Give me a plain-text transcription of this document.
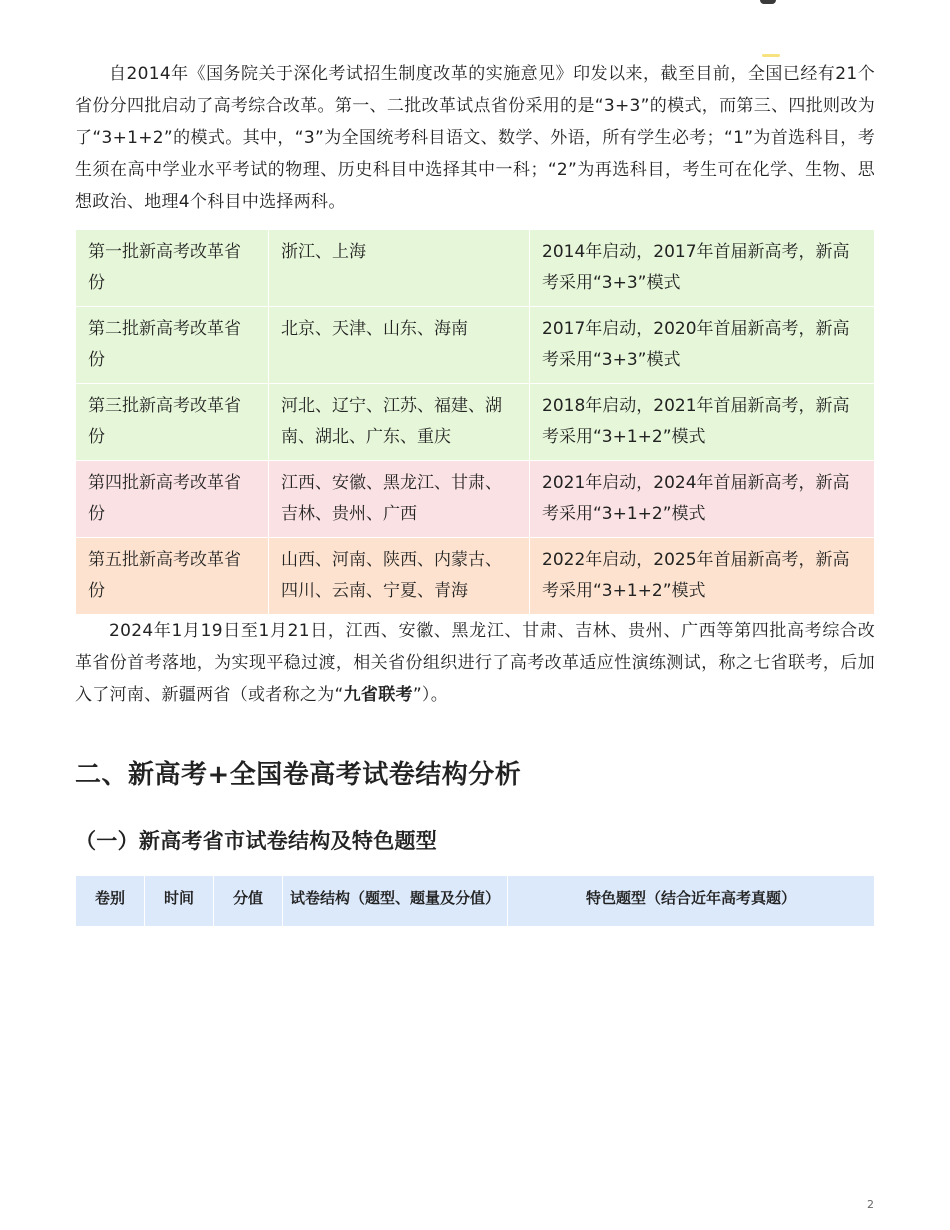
自2014年《国务院关于深化考试招生制度改革的实施意见》印发以来，截至目前，全国已经有21个省份分四批启动了高考综合改革。第一、二批改革试点省份采用的是“3+3”的模式，而第三、四批则改为了“3+1+2”的模式。其中，“3”为全国统考科目语文、数学、外语，所有学生必考；“1”为首选科目，考生须在高中学业水平考试的物理、历史科目中选择其中一科；“2”为再选科目，考生可在化学、生物、思想政治、地理4个科目中选择两科。

第一批新高考改革省份	浙江、上海	2014年启动，2017年首届新高考，新高考采用“3+3”模式
第二批新高考改革省份	北京、天津、山东、海南	2017年启动，2020年首届新高考，新高考采用“3+3”模式
第三批新高考改革省份	河北、辽宁、江苏、福建、湖南、湖北、广东、重庆	2018年启动，2021年首届新高考，新高考采用“3+1+2”模式
第四批新高考改革省份	江西、安徽、黑龙江、甘肃、吉林、贵州、广西	2021年启动，2024年首届新高考，新高考采用“3+1+2”模式
第五批新高考改革省份	山西、河南、陕西、内蒙古、四川、云南、宁夏、青海	2022年启动，2025年首届新高考，新高考采用“3+1+2”模式

2024年1月19日至1月21日，江西、安徽、黑龙江、甘肃、吉林、贵州、广西等第四批高考综合改革省份首考落地，为实现平稳过渡，相关省份组织进行了高考改革适应性演练测试，称之七省联考，后加入了河南、新疆两省（或者称之为“九省联考”）。

二、新高考+全国卷高考试卷结构分析
（一）新高考省市试卷结构及特色题型
卷别	时间	分值	试卷结构（题型、题量及分值）	特色题型（结合近年高考真题）
2
